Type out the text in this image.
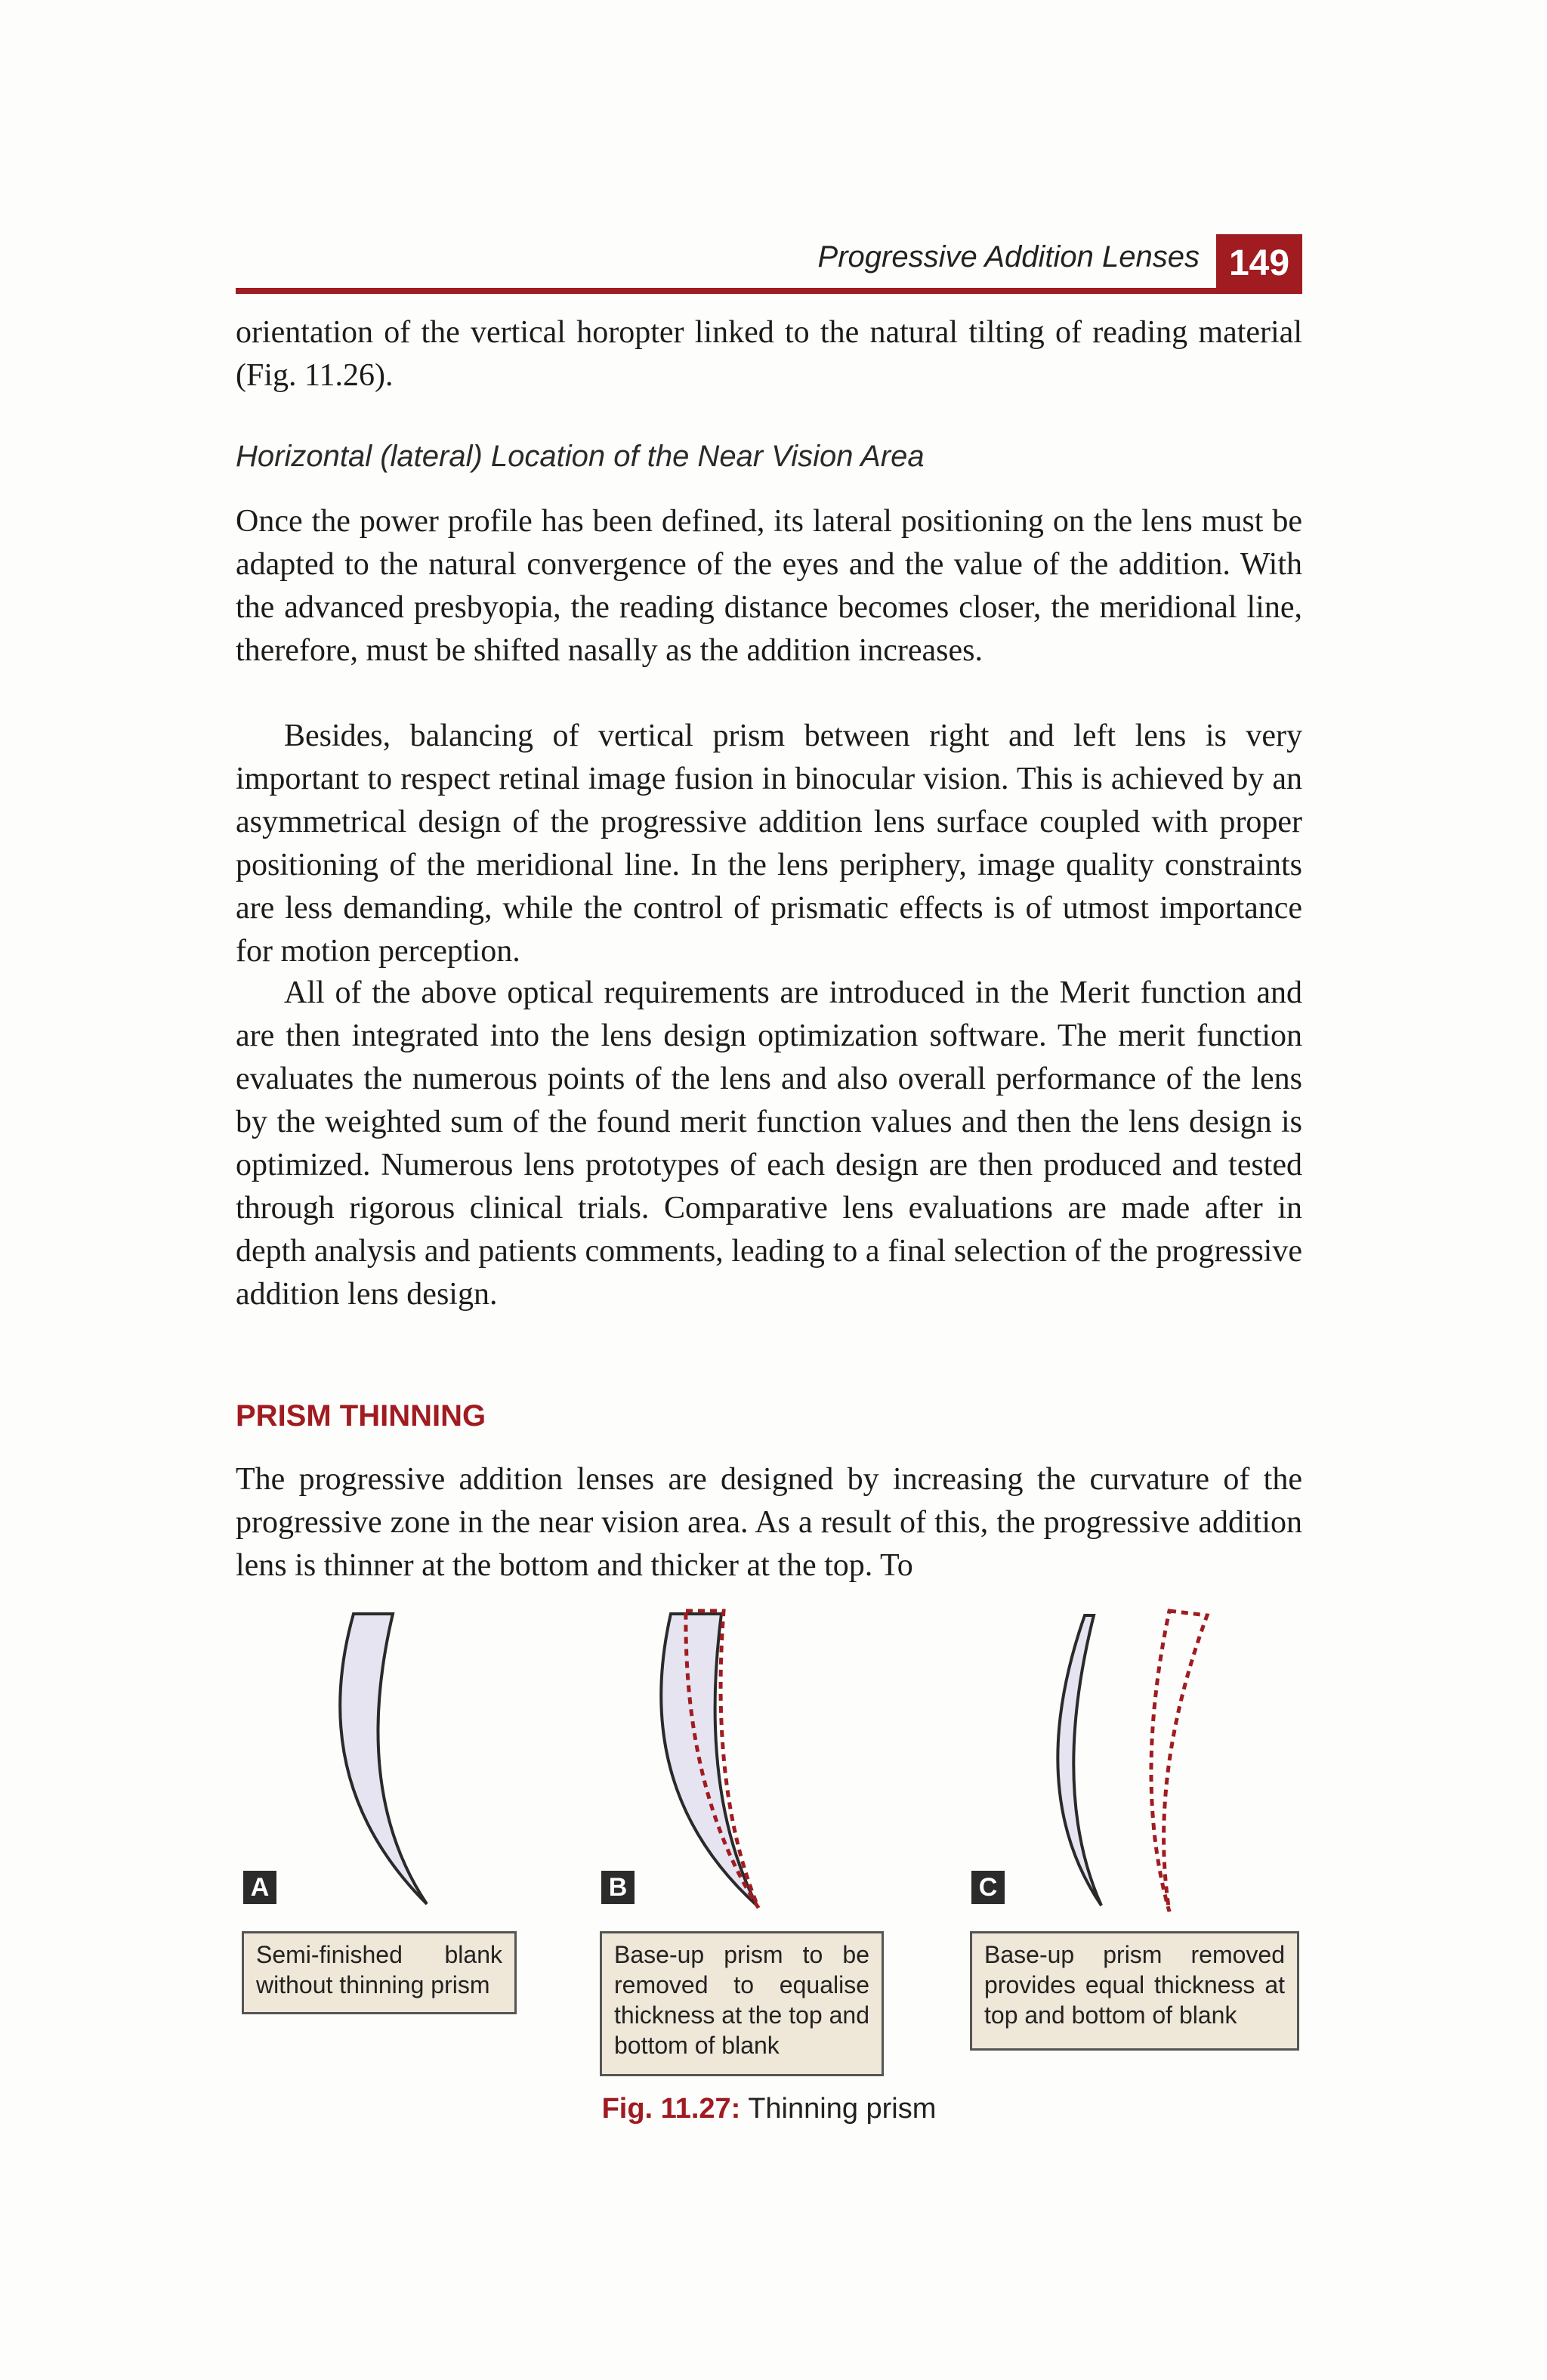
Progressive Addition Lenses 149

orientation of the vertical horopter linked to the natural tilting of reading material (Fig. 11.26).

Horizontal (lateral) Location of the Near Vision Area

Once the power profile has been defined, its lateral positioning on the lens must be adapted to the natural convergence of the eyes and the value of the addition. With the advanced presbyopia, the reading distance becomes closer, the meridional line, therefore, must be shifted nasally as the addition increases.

Besides, balancing of vertical prism between right and left lens is very important to respect retinal image fusion in binocular vision. This is achieved by an asymmetrical design of the progressive addition lens surface coupled with proper positioning of the meridional line. In the lens periphery, image quality constraints are less demanding, while the control of prismatic effects is of utmost importance for motion perception.

All of the above optical requirements are introduced in the Merit function and are then integrated into the lens design optimization software. The merit function evaluates the numerous points of the lens and also overall performance of the lens by the weighted sum of the found merit function values and then the lens design is optimized. Numerous lens prototypes of each design are then produced and tested through rigorous clinical trials. Comparative lens evaluations are made after in depth analysis and patients comments, leading to a final selection of the progressive addition lens design.

PRISM THINNING

The progressive addition lenses are designed by increasing the curvature of the progressive zone in the near vision area. As a result of this, the progressive addition lens is thinner at the bottom and thicker at the top. To

A	B	C
Semi-finished blank without thinning prism
Base-up prism to be removed to equalise thickness at the top and bottom of blank
Base-up prism removed provides equal thickness at top and bottom of blank
Fig. 11.27: Thinning prism
